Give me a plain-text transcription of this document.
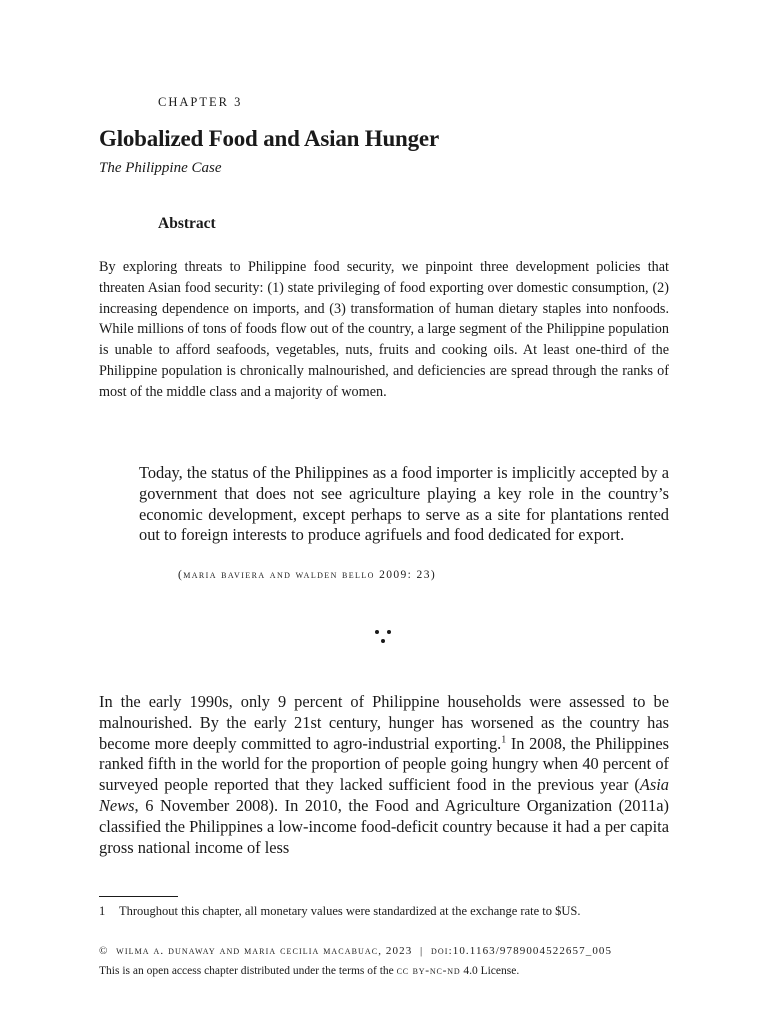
CHAPTER 3

Globalized Food and Asian Hunger

The Philippine Case

Abstract

By exploring threats to Philippine food security, we pinpoint three development policies that threaten Asian food security: (1) state privileging of food exporting over domestic consumption, (2) increasing dependence on imports, and (3) transformation of human dietary staples into nonfoods. While millions of tons of foods flow out of the country, a large segment of the Philippine population is unable to afford seafoods, vegetables, nuts, fruits and cooking oils. At least one-third of the Philippine population is chronically malnourished, and deficiencies are spread through the ranks of most of the middle class and a majority of women.

Today, the status of the Philippines as a food importer is implicitly accepted by a government that does not see agriculture playing a key role in the country’s economic development, except perhaps to serve as a site for plantations rented out to foreign interests to produce agrifuels and food dedicated for export.

(maria baviera and walden bello 2009: 23)

In the early 1990s, only 9 percent of Philippine households were assessed to be malnourished. By the early 21st century, hunger has worsened as the country has become more deeply committed to agro-industrial exporting.$^1$ In 2008, the Philippines ranked fifth in the world for the proportion of people going hungry when 40 percent of surveyed people reported that they lacked sufficient food in the previous year (Asia News, 6 November 2008). In 2010, the Food and Agriculture Organization (2011a) classified the Philippines a low-income food-deficit country because it had a per capita gross national income of less

1 Throughout this chapter, all monetary values were standardized at the exchange rate to $US.

© wilma a. dunaway and maria cecilia macabuac, 2023 | doi:10.1163/9789004522657_005

This is an open access chapter distributed under the terms of the cc by-nc-nd 4.0 License.
